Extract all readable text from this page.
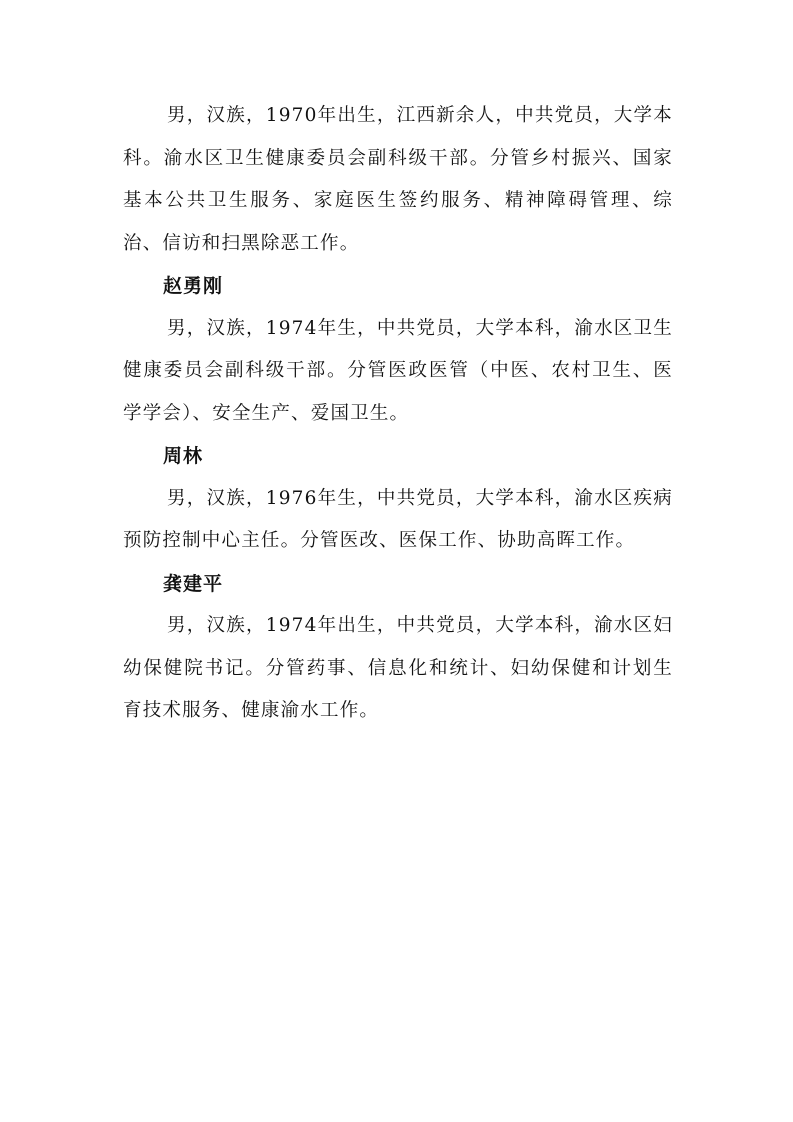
男，汉族，1970年出生，江西新余人，中共党员，大学本科。渝水区卫生健康委员会副科级干部。分管乡村振兴、国家基本公共卫生服务、家庭医生签约服务、精神障碍管理、综治、信访和扫黑除恶工作。

赵勇刚

男，汉族，1974年生，中共党员，大学本科，渝水区卫生健康委员会副科级干部。分管医政医管（中医、农村卫生、医学学会）、安全生产、爱国卫生。

周林

男，汉族，1976年生，中共党员，大学本科，渝水区疾病预防控制中心主任。分管医改、医保工作、协助高晖工作。

龚建平

男，汉族，1974年出生，中共党员，大学本科，渝水区妇幼保健院书记。分管药事、信息化和统计、妇幼保健和计划生育技术服务、健康渝水工作。
